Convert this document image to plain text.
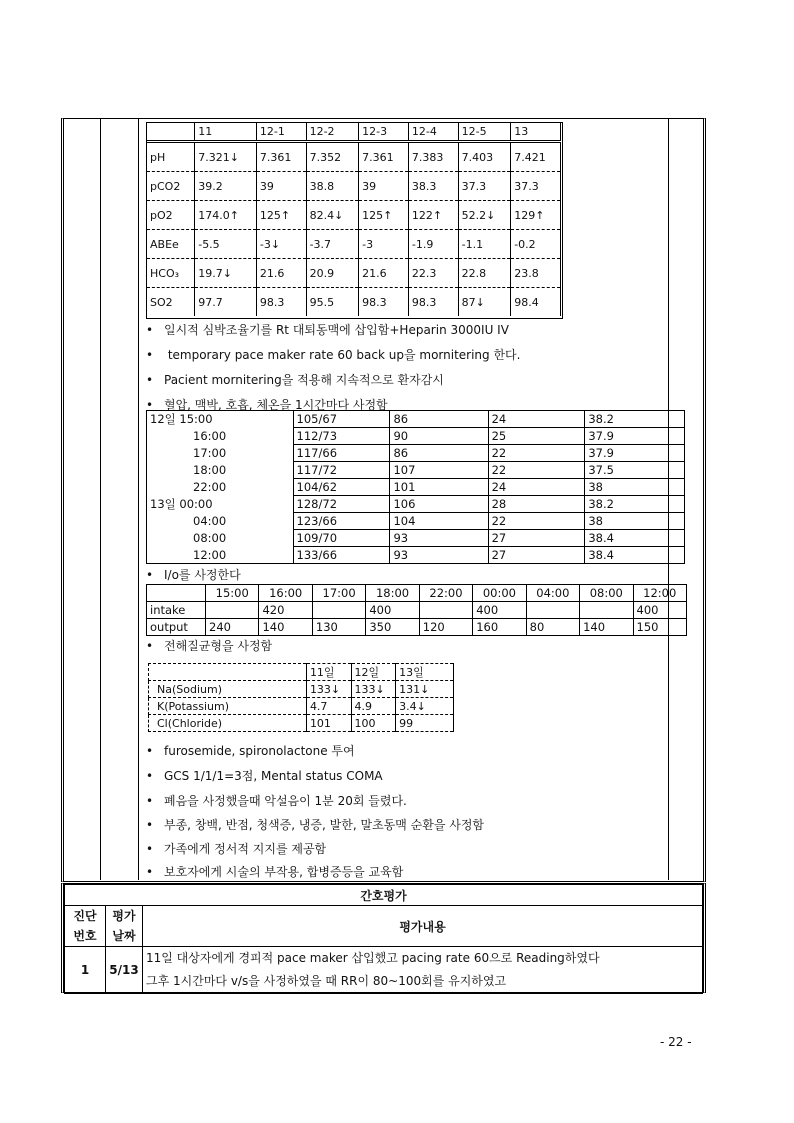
	11	12-1	12-2	12-3	12-4	12-5	13
pH	7.321↓	7.361	7.352	7.361	7.383	7.403	7.421
pCO2	39.2	39	38.8	39	38.3	37.3	37.3
pO2	174.0↑	125↑	82.4↓	125↑	122↑	52.2↓	129↑
ABEe	-5.5	-3↓	-3.7	-3	-1.9	-1.1	-0.2
HCO₃	19.7↓	21.6	20.9	21.6	22.3	22.8	23.8
SO2	97.7	98.3	95.5	98.3	98.3	87↓	98.4
• 일시적 심박조율기를 Rt 대퇴동맥에 삽입함+Heparin 3000IU IV
• temporary pace maker rate 60 back up을 mornitering 한다.
• Pacient mornitering을 적용해 지속적으로 환자감시
• 혈압, 맥박, 호흡, 체온을 1시간마다 사정함
12일 15:00	105/67	86	24	38.2
16:00	112/73	90	25	37.9
17:00	117/66	86	22	37.9
18:00	117/72	107	22	37.5
22:00	104/62	101	24	38
13일 00:00	128/72	106	28	38.2
04:00	123/66	104	22	38
08:00	109/70	93	27	38.4
12:00	133/66	93	27	38.4
• I/o를 사정한다
	15:00	16:00	17:00	18:00	22:00	00:00	04:00	08:00	12:00
intake		420		400		400			400
output	240	140	130	350	120	160	80	140	150
• 전해질균형을 사정함
	11일	12일	13일
Na(Sodium)	133↓	133↓	131↓
K(Potassium)	4.7	4.9	3.4↓
Cl(Chloride)	101	100	99
• furosemide, spironolactone 투여
• GCS 1/1/1=3점, Mental status COMA
• 폐음을 사정했을때 악설음이 1분 20회 들렸다.
• 부종, 창백, 반점, 청색증, 냉증, 발한, 말초동맥 순환을 사정함
• 가족에게 정서적 지지를 제공함
• 보호자에게 시술의 부작용, 합병증등을 교육함
간호평가		
진단 번호	평가 날짜	평가내용
1	5/13	11일 대상자에게 경피적 pace maker 삽입했고 pacing rate 60으로 Reading하였다
그후 1시간마다 v/s을 사정하였을 때 RR이 80~100회를 유지하였고
- 22 -
